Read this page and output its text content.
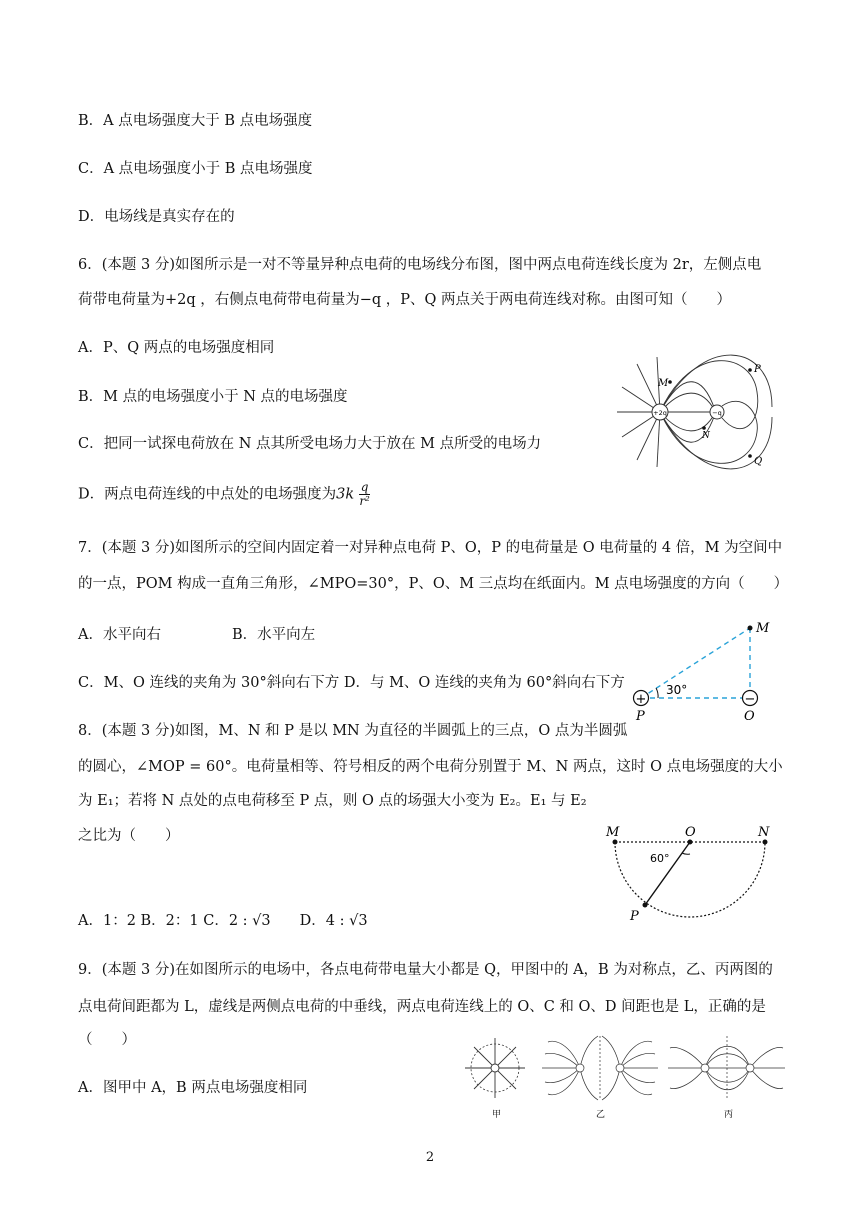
B．A 点电场强度大于 B 点电场强度
C．A 点电场强度小于 B 点电场强度
D．电场线是真实存在的
6．(本题 3 分)如图所示是一对不等量异种点电荷的电场线分布图，图中两点电荷连线长度为 2r，左侧点电
荷带电荷量为+2q ，右侧点电荷带电荷量为−q ，P、Q 两点关于两电荷连线对称。由图可知（　　）
A．P、Q 两点的电场强度相同
B．M 点的电场强度小于 N 点的电场强度
C．把同一试探电荷放在 N 点其所受电场力大于放在 M 点所受的电场力
D．两点电荷连线的中点处的电场强度为$3k \frac{q}{\text{r²}}$
+2q	−q
M
N
P
Q
7．(本题 3 分)如图所示的空间内固定着一对异种点电荷 P、O，P 的电荷量是 O 电荷量的 4 倍，M 为空间中
的一点，POM 构成一直角三角形，∠MPO=30°，P、O、M 三点均在纸面内。M 点电场强度的方向（　　）
A．水平向右	B．水平向左
C．M、O 连线的夹角为 30°斜向右下方 D．与 M、O 连线的夹角为 60°斜向右下方
M
+	−
P	O
30°
8．(本题 3 分)如图，M、N 和 P 是以 MN 为直径的半圆弧上的三点，O 点为半圆弧
的圆心，∠MOP = 60°。电荷量相等、符号相反的两个电荷分别置于 M、N 两点，这时 O 点电场强度的大小
为 E₁；若将 N 点处的点电荷移至 P 点，则 O 点的场强大小变为 E₂。E₁ 与 E₂
之比为（　　）
A．1：2 B．2：1 C．2 : √3　　D．4 : √3
M	O	N
P
60°
9．(本题 3 分)在如图所示的电场中，各点电荷带电量大小都是 Q，甲图中的 A，B 为对称点，乙、丙两图的
点电荷间距都为 L，虚线是两侧点电荷的中垂线，两点电荷连线上的 O、C 和 O、D 间距也是 L，正确的是
（　　）
A．图甲中 A，B 两点电场强度相同
甲	乙	丙
2
